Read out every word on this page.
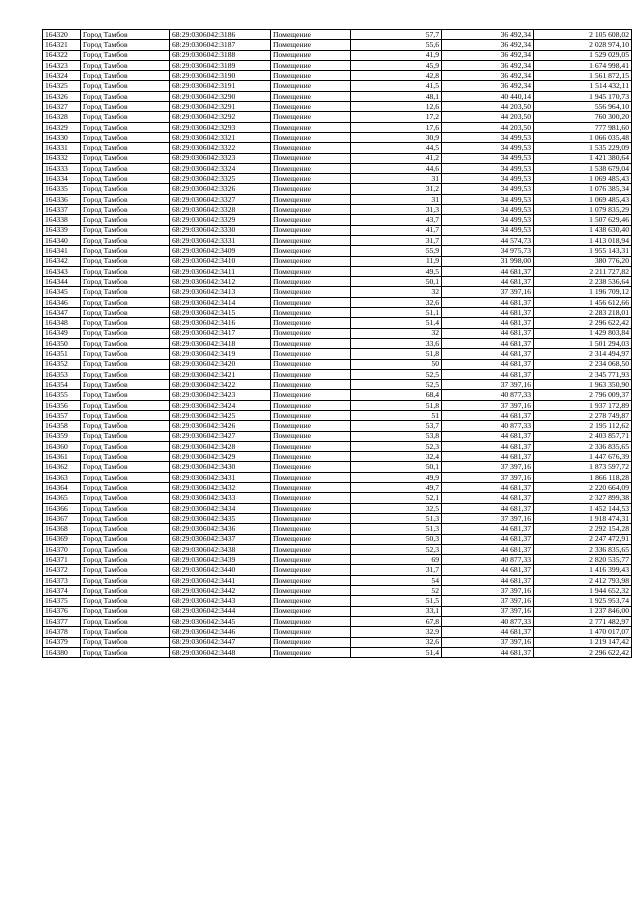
164320	Город Тамбов	68:29:0306042:3186	Помещение	57,7	36 492,34	2 105 608,02
164321	Город Тамбов	68:29:0306042:3187	Помещение	55,6	36 492,34	2 028 974,10
164322	Город Тамбов	68:29:0306042:3188	Помещение	41,9	36 492,34	1 529 029,05
164323	Город Тамбов	68:29:0306042:3189	Помещение	45,9	36 492,34	1 674 998,41
164324	Город Тамбов	68:29:0306042:3190	Помещение	42,8	36 492,34	1 561 872,15
164325	Город Тамбов	68:29:0306042:3191	Помещение	41,5	36 492,34	1 514 432,11
164326	Город Тамбов	68:29:0306042:3290	Помещение	48,1	40 440,14	1 945 170,73
164327	Город Тамбов	68:29:0306042:3291	Помещение	12,6	44 203,50	556 964,10
164328	Город Тамбов	68:29:0306042:3292	Помещение	17,2	44 203,50	760 300,20
164329	Город Тамбов	68:29:0306042:3293	Помещение	17,6	44 203,50	777 981,60
164330	Город Тамбов	68:29:0306042:3321	Помещение	30,9	34 499,53	1 066 035,48
164331	Город Тамбов	68:29:0306042:3322	Помещение	44,5	34 499,53	1 535 229,09
164332	Город Тамбов	68:29:0306042:3323	Помещение	41,2	34 499,53	1 421 380,64
164333	Город Тамбов	68:29:0306042:3324	Помещение	44,6	34 499,53	1 538 679,04
164334	Город Тамбов	68:29:0306042:3325	Помещение	31	34 499,53	1 069 485,43
164335	Город Тамбов	68:29:0306042:3326	Помещение	31,2	34 499,53	1 076 385,34
164336	Город Тамбов	68:29:0306042:3327	Помещение	31	34 499,53	1 069 485,43
164337	Город Тамбов	68:29:0306042:3328	Помещение	31,3	34 499,53	1 079 835,29
164338	Город Тамбов	68:29:0306042:3329	Помещение	43,7	34 499,53	1 507 629,46
164339	Город Тамбов	68:29:0306042:3330	Помещение	41,7	34 499,53	1 438 630,40
164340	Город Тамбов	68:29:0306042:3331	Помещение	31,7	44 574,73	1 413 018,94
164341	Город Тамбов	68:29:0306042:3409	Помещение	55,9	34 975,73	1 955 143,31
164342	Город Тамбов	68:29:0306042:3410	Помещение	11,9	31 998,00	380 776,20
164343	Город Тамбов	68:29:0306042:3411	Помещение	49,5	44 681,37	2 211 727,82
164344	Город Тамбов	68:29:0306042:3412	Помещение	50,1	44 681,37	2 238 536,64
164345	Город Тамбов	68:29:0306042:3413	Помещение	32	37 397,16	1 196 709,12
164346	Город Тамбов	68:29:0306042:3414	Помещение	32,6	44 681,37	1 456 612,66
164347	Город Тамбов	68:29:0306042:3415	Помещение	51,1	44 681,37	2 283 218,01
164348	Город Тамбов	68:29:0306042:3416	Помещение	51,4	44 681,37	2 296 622,42
164349	Город Тамбов	68:29:0306042:3417	Помещение	32	44 681,37	1 429 803,84
164350	Город Тамбов	68:29:0306042:3418	Помещение	33,6	44 681,37	1 501 294,03
164351	Город Тамбов	68:29:0306042:3419	Помещение	51,8	44 681,37	2 314 494,97
164352	Город Тамбов	68:29:0306042:3420	Помещение	50	44 681,37	2 234 068,50
164353	Город Тамбов	68:29:0306042:3421	Помещение	52,5	44 681,37	2 345 771,93
164354	Город Тамбов	68:29:0306042:3422	Помещение	52,5	37 397,16	1 963 350,90
164355	Город Тамбов	68:29:0306042:3423	Помещение	68,4	40 877,33	2 796 009,37
164356	Город Тамбов	68:29:0306042:3424	Помещение	51,8	37 397,16	1 937 172,89
164357	Город Тамбов	68:29:0306042:3425	Помещение	51	44 681,37	2 278 749,87
164358	Город Тамбов	68:29:0306042:3426	Помещение	53,7	40 877,33	2 195 112,62
164359	Город Тамбов	68:29:0306042:3427	Помещение	53,8	44 681,37	2 403 857,71
164360	Город Тамбов	68:29:0306042:3428	Помещение	52,3	44 681,37	2 336 835,65
164361	Город Тамбов	68:29:0306042:3429	Помещение	32,4	44 681,37	1 447 676,39
164362	Город Тамбов	68:29:0306042:3430	Помещение	50,1	37 397,16	1 873 597,72
164363	Город Тамбов	68:29:0306042:3431	Помещение	49,9	37 397,16	1 866 118,28
164364	Город Тамбов	68:29:0306042:3432	Помещение	49,7	44 681,37	2 220 664,09
164365	Город Тамбов	68:29:0306042:3433	Помещение	52,1	44 681,37	2 327 899,38
164366	Город Тамбов	68:29:0306042:3434	Помещение	32,5	44 681,37	1 452 144,53
164367	Город Тамбов	68:29:0306042:3435	Помещение	51,3	37 397,16	1 918 474,31
164368	Город Тамбов	68:29:0306042:3436	Помещение	51,3	44 681,37	2 292 154,28
164369	Город Тамбов	68:29:0306042:3437	Помещение	50,3	44 681,37	2 247 472,91
164370	Город Тамбов	68:29:0306042:3438	Помещение	52,3	44 681,37	2 336 835,65
164371	Город Тамбов	68:29:0306042:3439	Помещение	69	40 877,33	2 820 535,77
164372	Город Тамбов	68:29:0306042:3440	Помещение	31,7	44 681,37	1 416 399,43
164373	Город Тамбов	68:29:0306042:3441	Помещение	54	44 681,37	2 412 793,98
164374	Город Тамбов	68:29:0306042:3442	Помещение	52	37 397,16	1 944 652,32
164375	Город Тамбов	68:29:0306042:3443	Помещение	51,5	37 397,16	1 925 953,74
164376	Город Тамбов	68:29:0306042:3444	Помещение	33,1	37 397,16	1 237 846,00
164377	Город Тамбов	68:29:0306042:3445	Помещение	67,8	40 877,33	2 771 482,97
164378	Город Тамбов	68:29:0306042:3446	Помещение	32,9	44 681,37	1 470 017,07
164379	Город Тамбов	68:29:0306042:3447	Помещение	32,6	37 397,16	1 219 147,42
164380	Город Тамбов	68:29:0306042:3448	Помещение	51,4	44 681,37	2 296 622,42
